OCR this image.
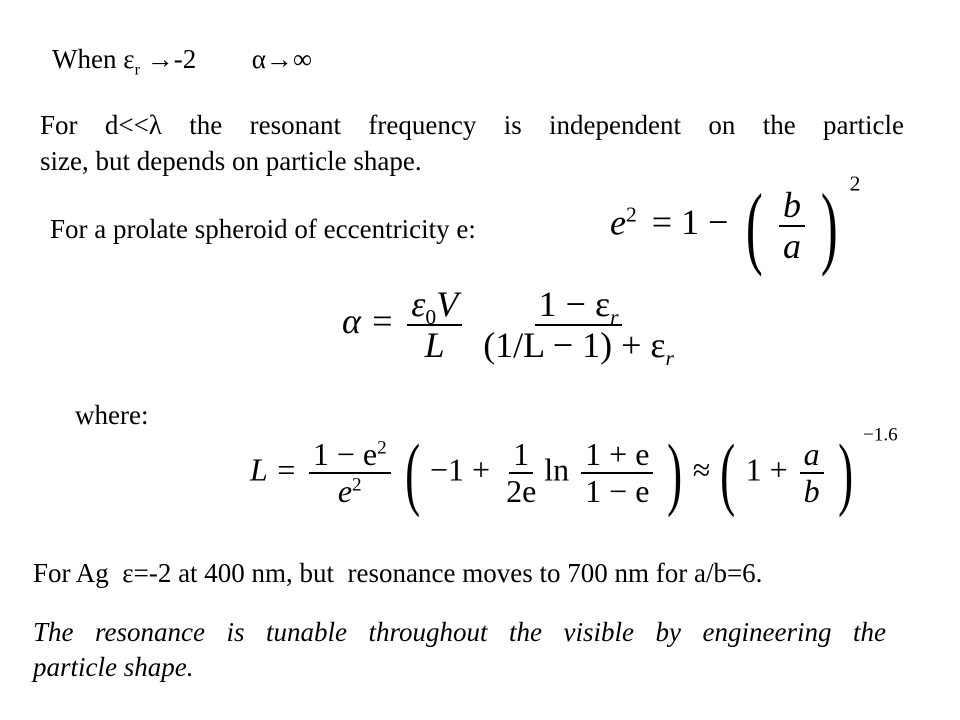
When $\varepsilon_r \to-2$ α→∞
For d<<λ the resonant frequency is independent on the particle
size, but depends on particle shape.
For a prolate spheroid of eccentricity e:	$e^2 = 1$ − ( $\frac{b}{a}$ ) $^2$
$\alpha = \frac{\varepsilon_0V}{L}$
$\frac{1 - \varepsilon_r}{(1/L - 1) + \varepsilon_r}$
where:
$L = \frac{1 - e^2}{e^2}$ ( $-1 + \frac{1}{2e}$ $\ln \frac{1 + e}{1 - e}$ ) ≈ ( $1 + \frac{a}{b}$ ) $^{-1.6}$
For Ag  ε=-2 at 400 nm, but  resonance moves to 700 nm for a/b=6.
The resonance is tunable throughout the visible by engineering the
particle shape.
